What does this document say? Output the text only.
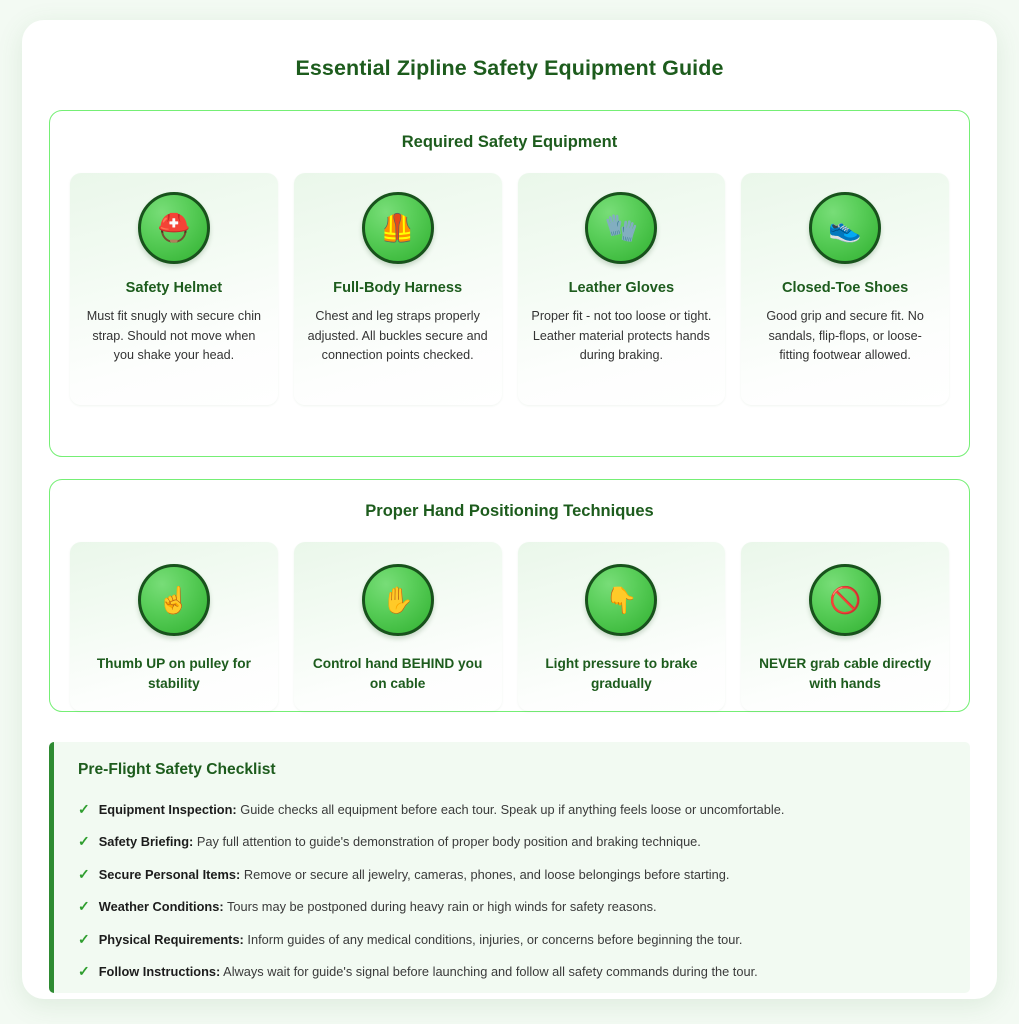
Essential Zipline Safety Equipment Guide
Required Safety Equipment
⛑️
Safety Helmet
Must fit snugly with secure chin strap. Should not move when you shake your head.
🦺
Full-Body Harness
Chest and leg straps properly adjusted. All buckles secure and connection points checked.
🧤
Leather Gloves
Proper fit - not too loose or tight. Leather material protects hands during braking.
👟
Closed-Toe Shoes
Good grip and secure fit. No sandals, flip-flops, or loose-fitting footwear allowed.
Proper Hand Positioning Techniques
☝️
Thumb UP on pulley for stability
✋
Control hand BEHIND you on cable
👇
Light pressure to brake gradually
🚫
NEVER grab cable directly with hands
Pre-Flight Safety Checklist
✓ Equipment Inspection: Guide checks all equipment before each tour. Speak up if anything feels loose or uncomfortable.
✓ Safety Briefing: Pay full attention to guide's demonstration of proper body position and braking technique.
✓ Secure Personal Items: Remove or secure all jewelry, cameras, phones, and loose belongings before starting.
✓ Weather Conditions: Tours may be postponed during heavy rain or high winds for safety reasons.
✓ Physical Requirements: Inform guides of any medical conditions, injuries, or concerns before beginning the tour.
✓ Follow Instructions: Always wait for guide's signal before launching and follow all safety commands during the tour.
